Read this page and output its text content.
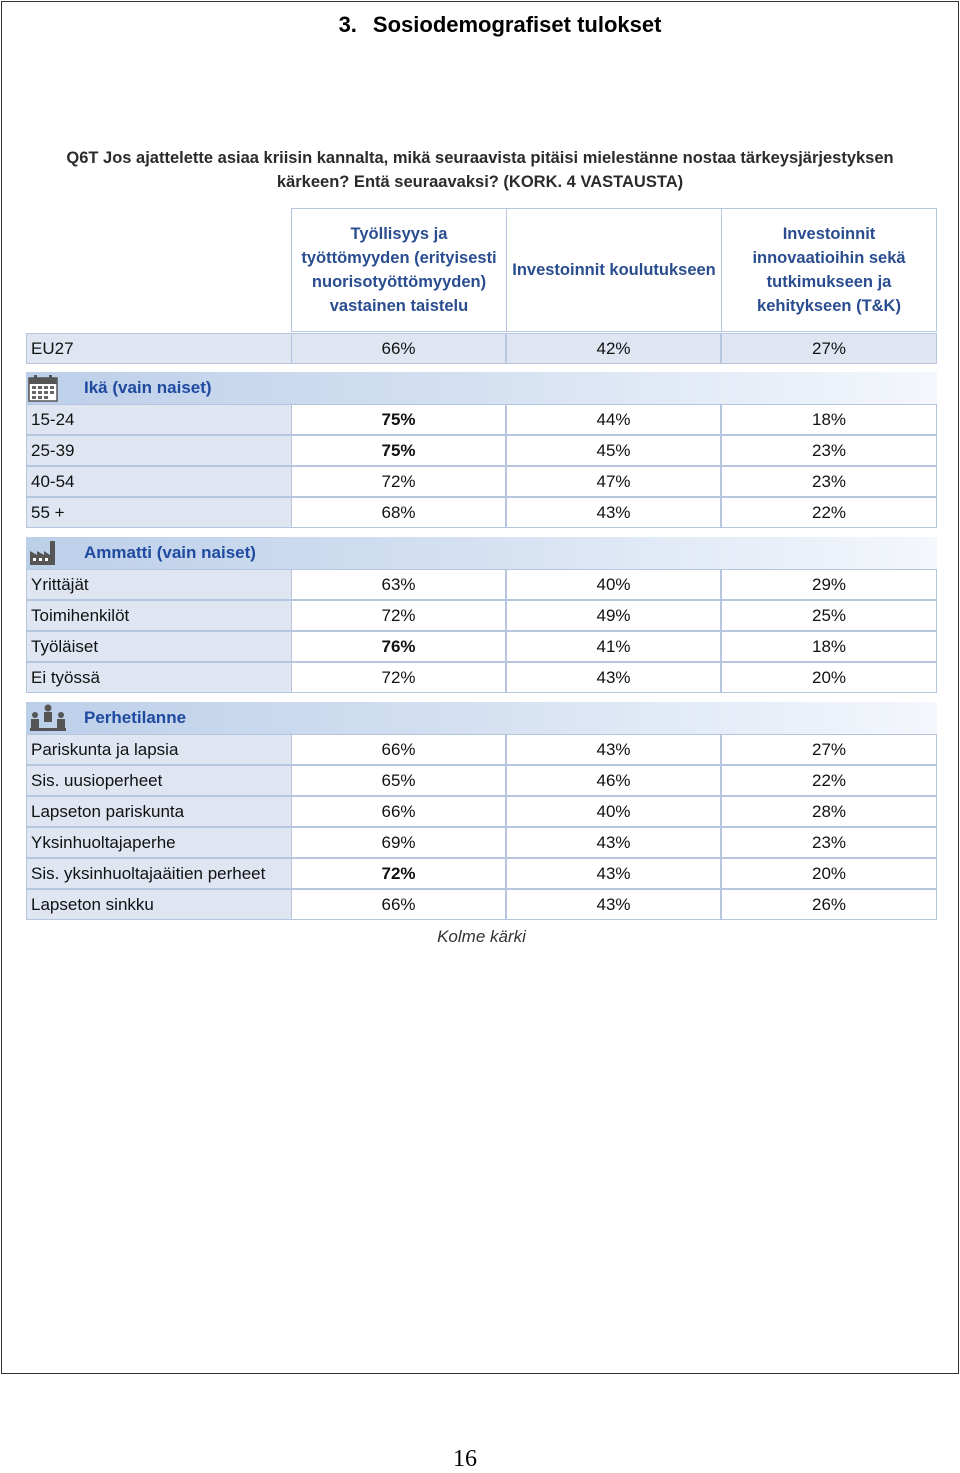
3. Sosiodemografiset tulokset
Q6T Jos ajattelette asiaa kriisin kannalta, mikä seuraavista pitäisi mielestänne nostaa tärkeysjärjestyksen kärkeen? Entä seuraavaksi? (KORK. 4 VASTAUSTA)
Työllisyys ja työttömyyden (erityisesti nuorisotyöttömyyden) vastainen taistelu
Investoinnit koulutukseen
Investoinnit innovaatioihin sekä tutkimukseen ja kehitykseen (T&K)
EU27	66%	42%	27%
Ikä (vain naiset)
15-24	75%	44%	18%
25-39	75%	45%	23%
40-54	72%	47%	23%
55 +	68%	43%	22%
Ammatti (vain naiset)
Yrittäjät	63%	40%	29%
Toimihenkilöt	72%	49%	25%
Työläiset	76%	41%	18%
Ei työssä	72%	43%	20%
Perhetilanne
Pariskunta ja lapsia	66%	43%	27%
Sis. uusioperheet	65%	46%	22%
Lapseton pariskunta	66%	40%	28%
Yksinhuoltajaperhe	69%	43%	23%
Sis. yksinhuoltajaäitien perheet	72%	43%	20%
Lapseton sinkku	66%	43%	26%
Kolme kärki
16
